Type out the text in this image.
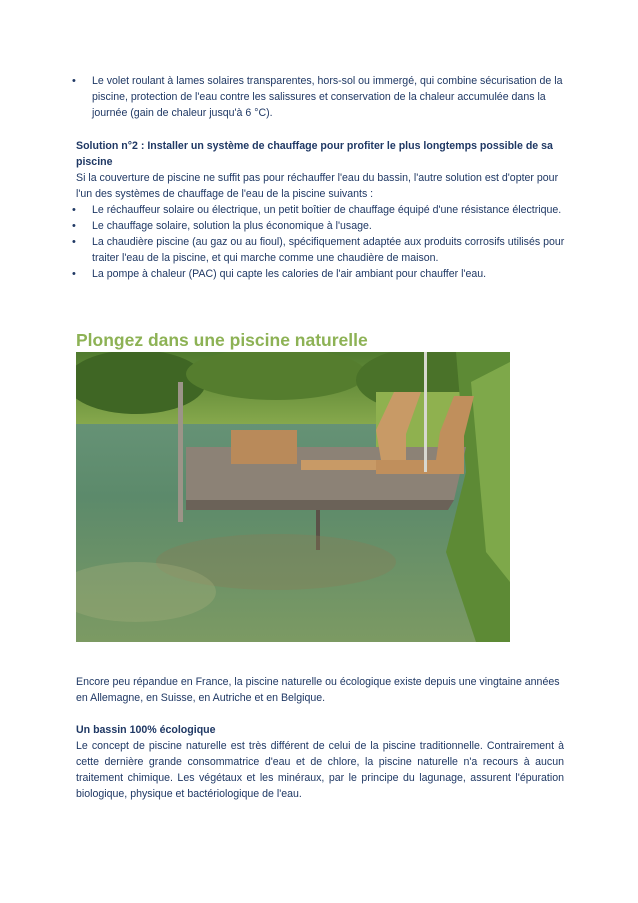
• Le volet roulant à lames solaires transparentes, hors-sol ou immergé, qui combine sécurisation de la piscine, protection de l'eau contre les salissures et conservation de la chaleur accumulée dans la journée (gain de chaleur jusqu'à 6 °C).

Solution n°2 : Installer un système de chauffage pour profiter le plus longtemps possible de sa piscine

Si la couverture de piscine ne suffit pas pour réchauffer l'eau du bassin, l'autre solution est d'opter pour l'un des systèmes de chauffage de l'eau de la piscine suivants :

• Le réchauffeur solaire ou électrique, un petit boîtier de chauffage équipé d'une résistance électrique.
• Le chauffage solaire, solution la plus économique à l'usage.
• La chaudière piscine (au gaz ou au fioul), spécifiquement adaptée aux produits corrosifs utilisés pour traiter l'eau de la piscine, et qui marche comme une chaudière de maison.
• La pompe à chaleur (PAC) qui capte les calories de l'air ambiant pour chauffer l'eau.
Plongez dans une piscine naturelle

Encore peu répandue en France, la piscine naturelle ou écologique existe depuis une vingtaine années en Allemagne, en Suisse, en Autriche et en Belgique.

Un bassin 100% écologique

Le concept de piscine naturelle est très différent de celui de la piscine traditionnelle. Contrairement à cette dernière grande consommatrice d'eau et de chlore, la piscine naturelle n'a recours à aucun traitement chimique. Les végétaux et les minéraux, par le principe du lagunage, assurent l'épuration biologique, physique et bactériologique de l'eau.
